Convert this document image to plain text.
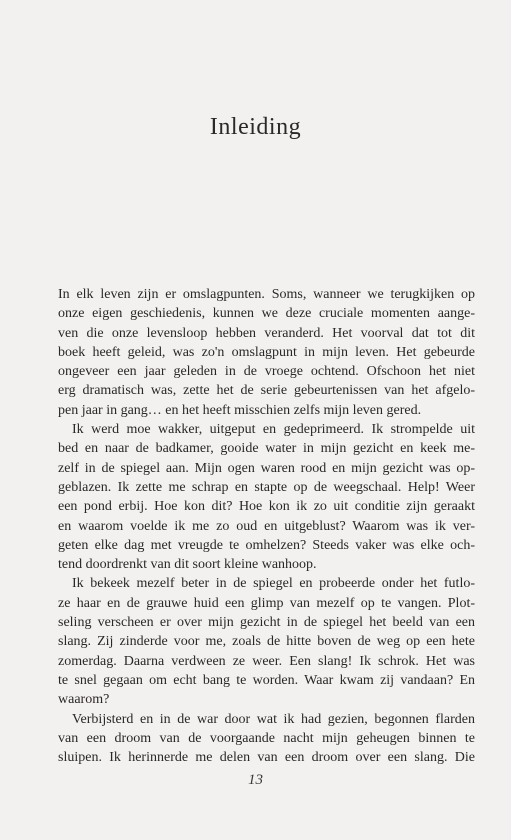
Inleiding
In elk leven zijn er omslagpunten. Soms, wanneer we terugkijken op
onze eigen geschiedenis, kunnen we deze cruciale momenten aange-
ven die onze levensloop hebben veranderd. Het voorval dat tot dit
boek heeft geleid, was zo'n omslagpunt in mijn leven. Het gebeurde
ongeveer een jaar geleden in de vroege ochtend. Ofschoon het niet
erg dramatisch was, zette het de serie gebeurtenissen van het afgelo-
pen jaar in gang… en het heeft misschien zelfs mijn leven gered.
Ik werd moe wakker, uitgeput en gedeprimeerd. Ik strompelde uit
bed en naar de badkamer, gooide water in mijn gezicht en keek me-
zelf in de spiegel aan. Mijn ogen waren rood en mijn gezicht was op-
geblazen. Ik zette me schrap en stapte op de weegschaal. Help! Weer
een pond erbij. Hoe kon dit? Hoe kon ik zo uit conditie zijn geraakt
en waarom voelde ik me zo oud en uitgeblust? Waarom was ik ver-
geten elke dag met vreugde te omhelzen? Steeds vaker was elke och-
tend doordrenkt van dit soort kleine wanhoop.
Ik bekeek mezelf beter in de spiegel en probeerde onder het futlo-
ze haar en de grauwe huid een glimp van mezelf op te vangen. Plot-
seling verscheen er over mijn gezicht in de spiegel het beeld van een
slang. Zij zinderde voor me, zoals de hitte boven de weg op een hete
zomerdag. Daarna verdween ze weer. Een slang! Ik schrok. Het was
te snel gegaan om echt bang te worden. Waar kwam zij vandaan? En
waarom?
Verbijsterd en in de war door wat ik had gezien, begonnen flarden
van een droom van de voorgaande nacht mijn geheugen binnen te
sluipen. Ik herinnerde me delen van een droom over een slang. Die
13
